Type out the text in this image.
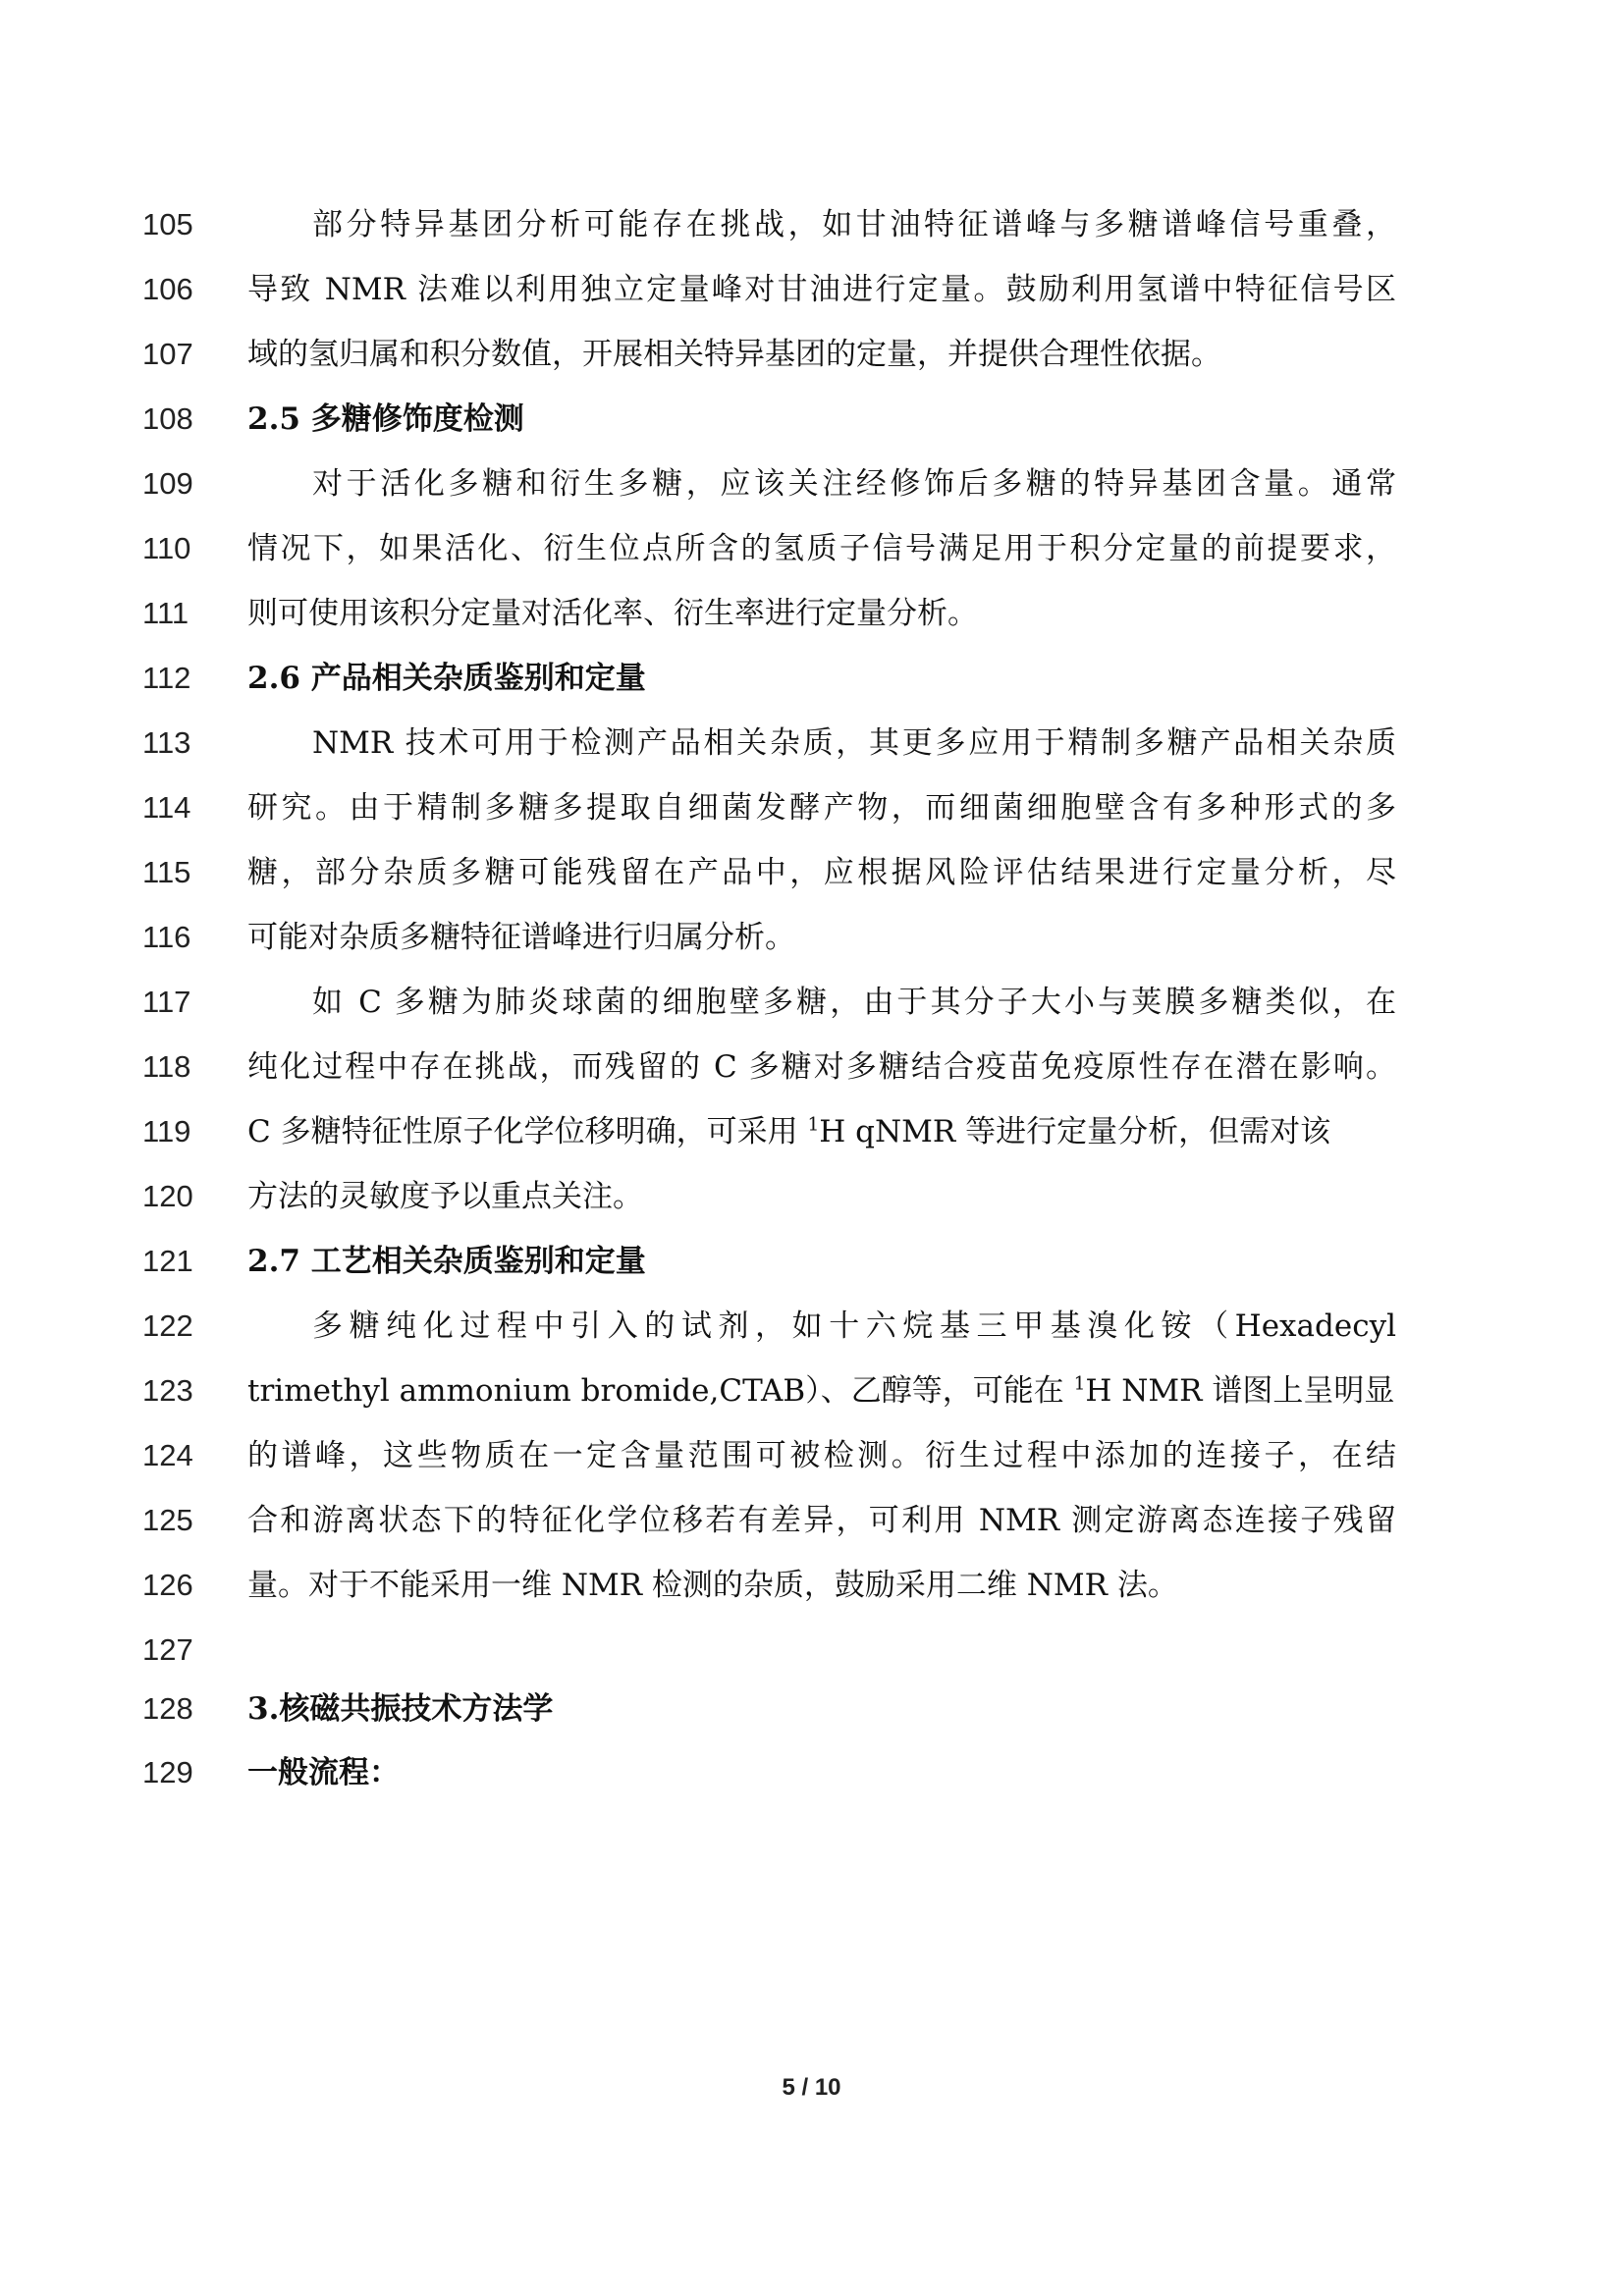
105	部分特异基团分析可能存在挑战，如甘油特征谱峰与多糖谱峰信号重叠，
106	导致 NMR 法难以利用独立定量峰对甘油进行定量。鼓励利用氢谱中特征信号区
107	域的氢归属和积分数值，开展相关特异基团的定量，并提供合理性依据。
108	2.5 多糖修饰度检测
109	对于活化多糖和衍生多糖，应该关注经修饰后多糖的特异基团含量。通常
110	情况下，如果活化、衍生位点所含的氢质子信号满足用于积分定量的前提要求，
111	则可使用该积分定量对活化率、衍生率进行定量分析。
112	2.6 产品相关杂质鉴别和定量
113	NMR 技术可用于检测产品相关杂质，其更多应用于精制多糖产品相关杂质
114	研究。由于精制多糖多提取自细菌发酵产物，而细菌细胞壁含有多种形式的多
115	糖，部分杂质多糖可能残留在产品中，应根据风险评估结果进行定量分析，尽
116	可能对杂质多糖特征谱峰进行归属分析。
117	如 C 多糖为肺炎球菌的细胞壁多糖，由于其分子大小与荚膜多糖类似，在
118	纯化过程中存在挑战，而残留的 C 多糖对多糖结合疫苗免疫原性存在潜在影响。
119	C 多糖特征性原子化学位移明确，可采用 $^1$H qNMR 等进行定量分析，但需对该
120	方法的灵敏度予以重点关注。
121	2.7 工艺相关杂质鉴别和定量
122	多糖纯化过程中引入的试剂，如十六烷基三甲基溴化铵（Hexadecyl
123	trimethyl ammonium bromide,CTAB）、乙醇等，可能在 $^1$H NMR 谱图上呈明显
124	的谱峰，这些物质在一定含量范围可被检测。衍生过程中添加的连接子，在结
125	合和游离状态下的特征化学位移若有差异，可利用 NMR 测定游离态连接子残留
126	量。对于不能采用一维 NMR 检测的杂质，鼓励采用二维 NMR 法。
127
128	3.核磁共振技术方法学
129	一般流程：
5 / 10
